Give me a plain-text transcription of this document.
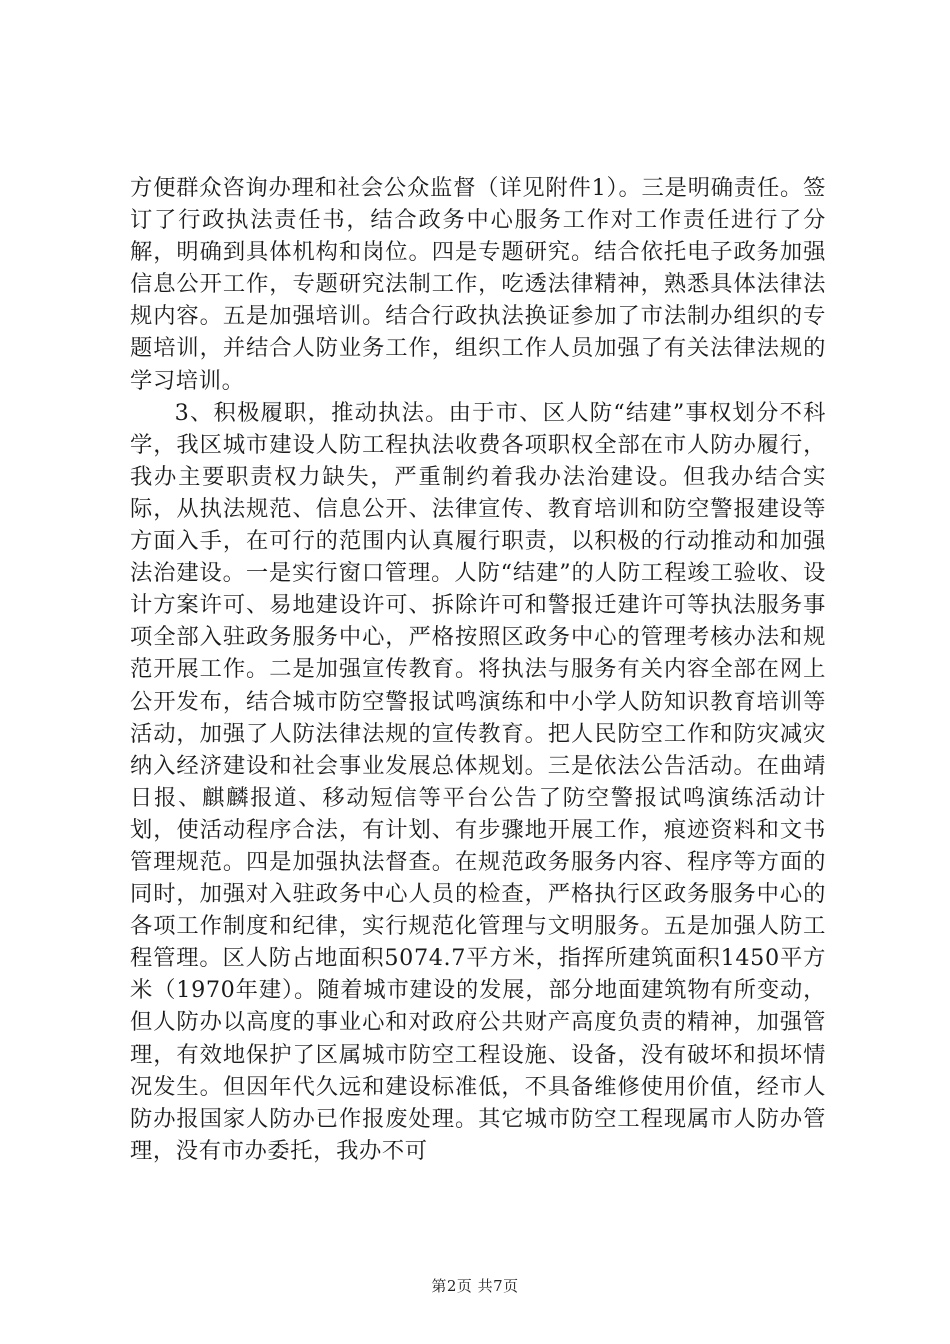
方便群众咨询办理和社会公众监督（详见附件1）。三是明确责任。签订了行政执法责任书，结合政务中心服务工作对工作责任进行了分解，明确到具体机构和岗位。四是专题研究。结合依托电子政务加强信息公开工作，专题研究法制工作，吃透法律精神，熟悉具体法律法规内容。五是加强培训。结合行政执法换证参加了市法制办组织的专题培训，并结合人防业务工作，组织工作人员加强了有关法律法规的学习培训。

3、积极履职，推动执法。由于市、区人防“结建”事权划分不科学，我区城市建设人防工程执法收费各项职权全部在市人防办履行，我办主要职责权力缺失，严重制约着我办法治建设。但我办结合实际，从执法规范、信息公开、法律宣传、教育培训和防空警报建设等方面入手，在可行的范围内认真履行职责，以积极的行动推动和加强法治建设。一是实行窗口管理。人防“结建”的人防工程竣工验收、设计方案许可、易地建设许可、拆除许可和警报迁建许可等执法服务事项全部入驻政务服务中心，严格按照区政务中心的管理考核办法和规范开展工作。二是加强宣传教育。将执法与服务有关内容全部在网上公开发布，结合城市防空警报试鸣演练和中小学人防知识教育培训等活动，加强了人防法律法规的宣传教育。把人民防空工作和防灾减灾纳入经济建设和社会事业发展总体规划。三是依法公告活动。在曲靖日报、麒麟报道、移动短信等平台公告了防空警报试鸣演练活动计划，使活动程序合法，有计划、有步骤地开展工作，痕迹资料和文书管理规范。四是加强执法督查。在规范政务服务内容、程序等方面的同时，加强对入驻政务中心人员的检查，严格执行区政务服务中心的各项工作制度和纪律，实行规范化管理与文明服务。五是加强人防工程管理。区人防占地面积5074.7平方米，指挥所建筑面积1450平方米（1970年建）。随着城市建设的发展，部分地面建筑物有所变动，但人防办以高度的事业心和对政府公共财产高度负责的精神，加强管理，有效地保护了区属城市防空工程设施、设备，没有破坏和损坏情况发生。但因年代久远和建设标准低，不具备维修使用价值，经市人防办报国家人防办已作报废处理。其它城市防空工程现属市人防办管理，没有市办委托，我办不可

第2页 共7页
